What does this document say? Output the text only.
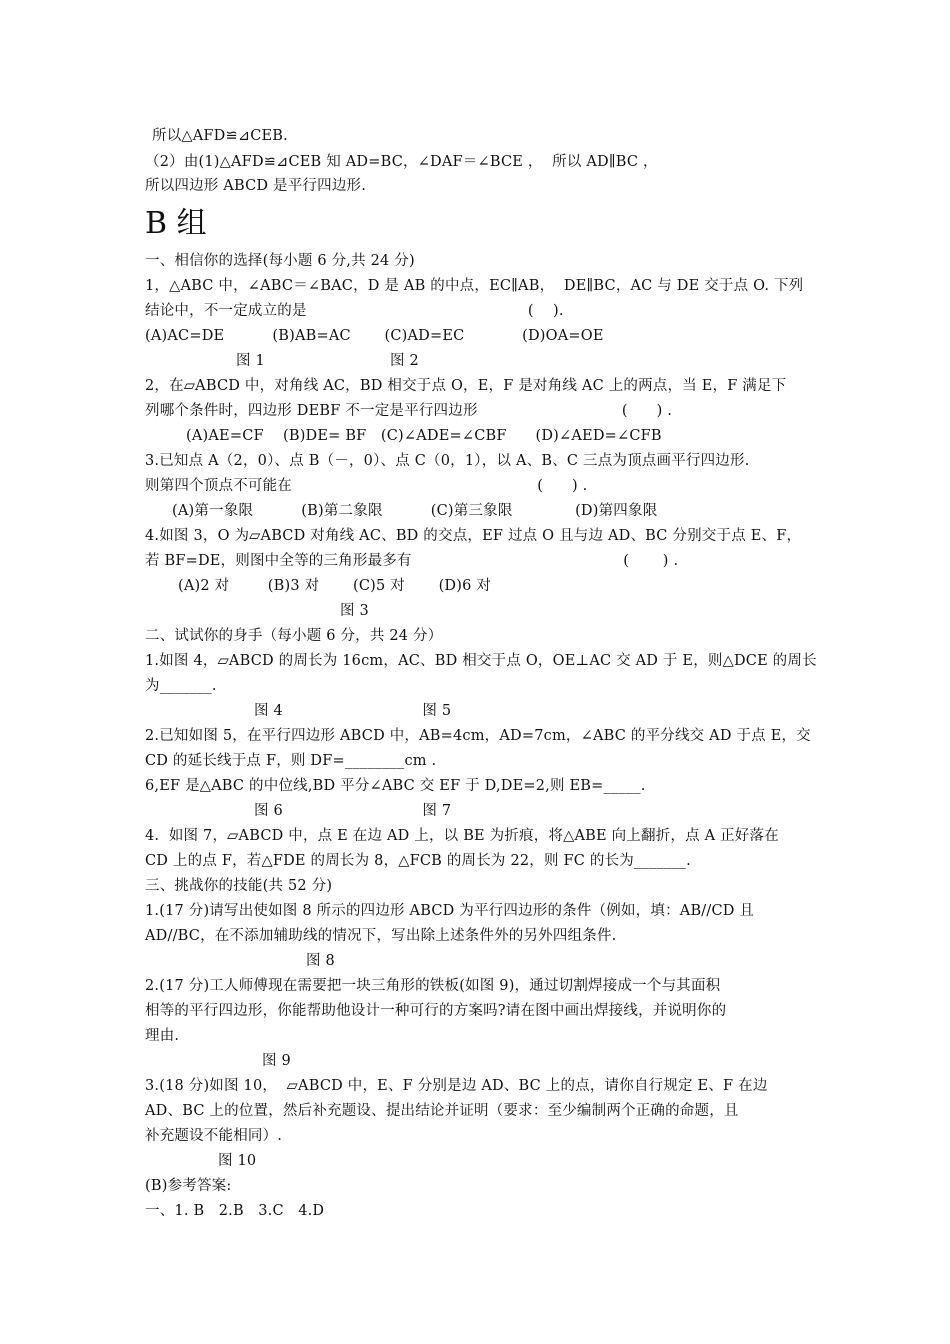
所以△AFD≌⊿CEB.
（2）由(1)△AFD≌⊿CEB 知 AD=BC，∠DAF＝∠BCE ，  所以 AD∥BC ，
所以四边形 ABCD 是平行四边形.
B 组
一、相信你的选择(每小题 6 分,共 24 分)
1，△ABC 中，∠ABC＝∠BAC，D 是 AB 的中点，EC∥AB，  DE∥BC，AC 与 DE 交于点 O. 下列
结论中，不一定成立的是                                              (    ).
(A)AC=DE          (B)AB=AC       (C)AD=EC            (D)OA=OE
图 1                          图 2
2，在▱ABCD 中，对角线 AC，BD 相交于点 O，E，F 是对角线 AC 上的两点，当 E，F 满足下
列哪个条件时，四边形 DEBF 不一定是平行四边形                              (      ) .
(A)AE=CF    (B)DE= BF   (C)∠ADE=∠CBF      (D)∠AED=∠CFB
3.已知点 A（2，0）、点 B（－，0）、点 C（0，1），以 A、B、C 三点为顶点画平行四边形.
则第四个顶点不可能在                                                   (      ) .
(A)第一象限          (B)第二象限          (C)第三象限             (D)第四象限
4.如图 3，O 为▱ABCD 对角线 AC、BD 的交点，EF 过点 O 且与边 AD、BC 分别交于点 E、F，
若 BF=DE，则图中全等的三角形最多有                                            (       ) .
(A)2 对        (B)3 对       (C)5 对       (D)6 对
图 3
二、试试你的身手（每小题 6 分，共 24 分）
1.如图 4，▱ABCD 的周长为 16cm，AC、BD 相交于点 O，OE⊥AC 交 AD 于 E，则△DCE 的周长
为_______.
图 4                             图 5
2.已知如图 5，在平行四边形 ABCD 中，AB=4cm，AD=7cm，∠ABC 的平分线交 AD 于点 E，交
CD 的延长线于点 F，则 DF=________cm .
6,EF 是△ABC 的中位线,BD 平分∠ABC 交 EF 于 D,DE=2,则 EB=_____.
图 6                             图 7
4.  如图 7，▱ABCD 中，点 E 在边 AD 上，以 BE 为折痕，将△ABE 向上翻折，点 A 正好落在
CD 上的点 F，若△FDE 的周长为 8，△FCB 的周长为 22，则 FC 的长为_______.
三、挑战你的技能(共 52 分)
1.(17 分)请写出使如图 8 所示的四边形 ABCD 为平行四边形的条件（例如，填：AB//CD 且
AD//BC，在不添加辅助线的情况下，写出除上述条件外的另外四组条件.
图 8
2.(17 分)工人师傅现在需要把一块三角形的铁板(如图 9)，通过切割焊接成一个与其面积
相等的平行四边形，你能帮助他设计一种可行的方案吗?请在图中画出焊接线，并说明你的
理由.
图 9
3.(18 分)如图 10，  ▱ABCD 中，E、F 分别是边 AD、BC 上的点，请你自行规定 E、F 在边
AD、BC 上的位置，然后补充题设、提出结论并证明（要求：至少编制两个正确的命题，且
补充题设不能相同）.
图 10
(B)参考答案:
一、1. B   2.B   3.C   4.D
